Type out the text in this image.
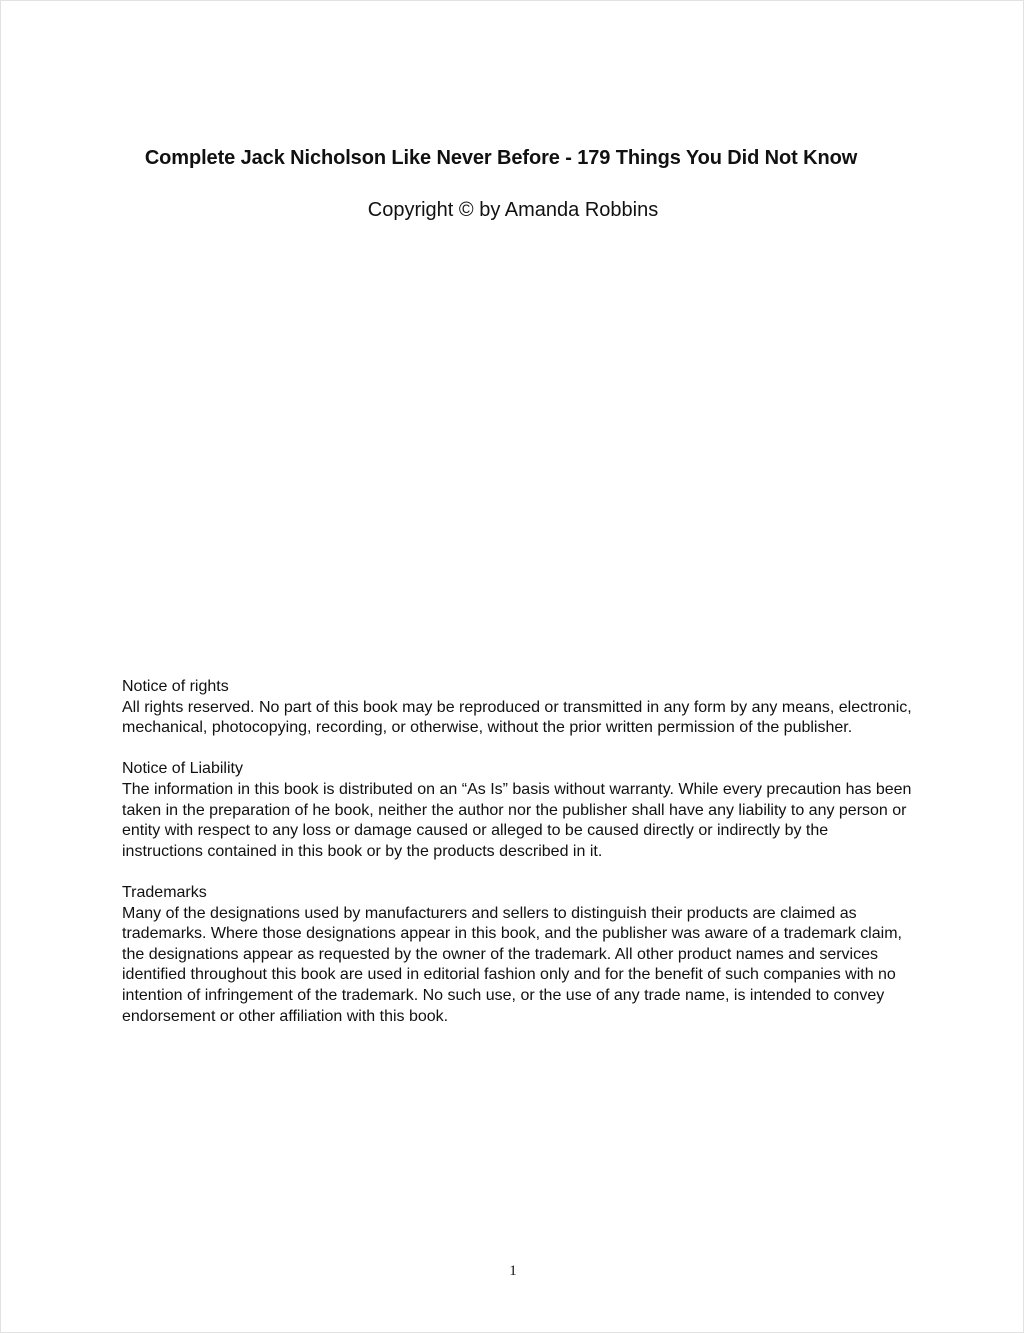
Complete Jack Nicholson Like Never Before - 179 Things You Did Not Know

Copyright © by Amanda Robbins

Notice of rights

All rights reserved. No part of this book may be reproduced or transmitted in any form by any means, electronic, mechanical, photocopying, recording, or otherwise, without the prior written permission of the publisher.

Notice of Liability

The information in this book is distributed on an “As Is” basis without warranty. While every precaution has been taken in the preparation of he book, neither the author nor the publisher shall have any liability to any person or entity with respect to any loss or damage caused or alleged to be caused directly or indirectly by the instructions contained in this book or by the products described in it.

Trademarks

Many of the designations used by manufacturers and sellers to distinguish their products are claimed as trademarks. Where those designations appear in this book, and the publisher was aware of a trademark claim, the designations appear as requested by the owner of the trademark. All other product names and services identified throughout this book are used in editorial fashion only and for the benefit of such companies with no intention of infringement of the trademark. No such use, or the use of any trade name, is intended to convey endorsement or other affiliation with this book.

1
